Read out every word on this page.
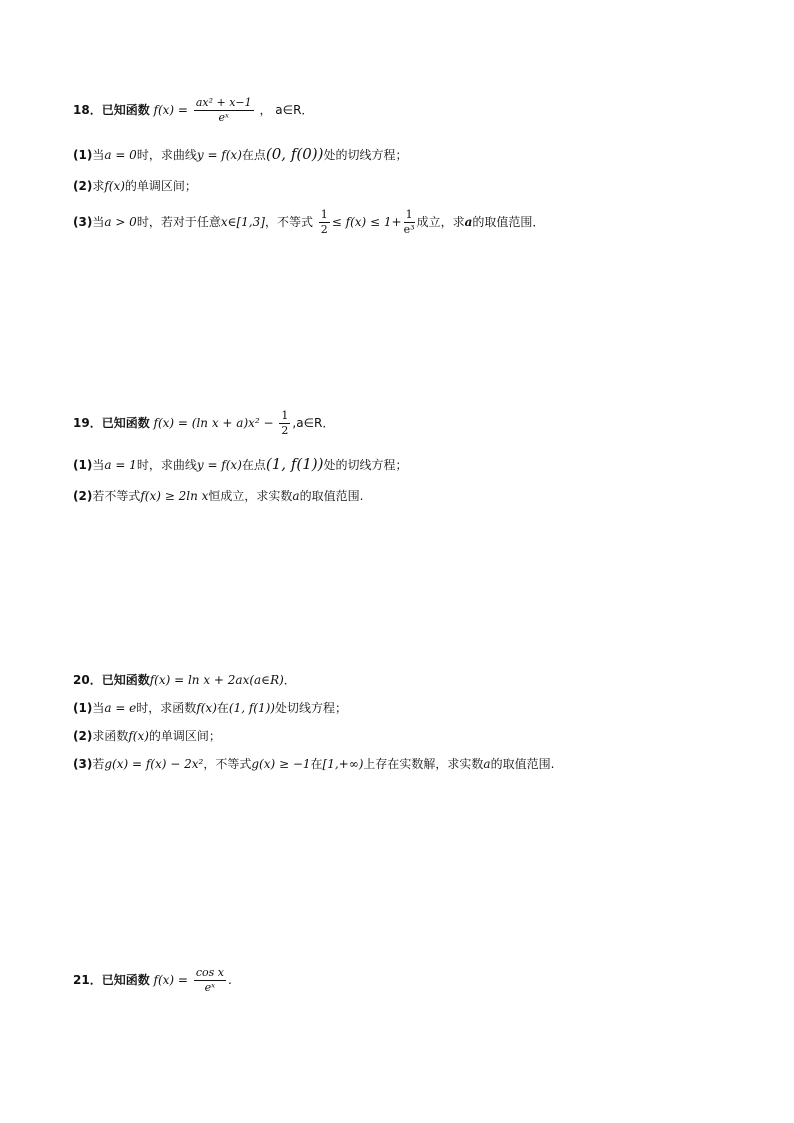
18．已知函数 $f(x) = \frac{\text{ax² + x−1}}{\text{eˣ}}$ ， a∈R．
(1)当a = 0时，求曲线y = f(x)在点(0, f(0))处的切线方程；
(2)求f(x)的单调区间；
(3)当a > 0时，若对于任意x∈[1,3]，不等式 $\frac{1}{2} \le f(x) \le 1+ \frac{1}{\text{e³}}$ 成立，求a的取值范围．
19．已知函数 f(x) = (ln $x + a)x^2 - \frac{1}{2}$ ,a∈R．
(1)当a = 1时，求曲线y = f(x)在点(1, f(1))处的切线方程；
(2)若不等式f(x) ≥ 2ln x恒成立，求实数a的取值范围.
20．已知函数f(x) = ln x + 2ax(a∈R)．
(1)当a = e时，求函数f(x)在(1, f(1))处切线方程；
(2)求函数f(x)的单调区间；
(3)若g(x) = f(x) − 2x²，不等式g(x) ≥ −1在[1,+∞)上存在实数解，求实数a的取值范围.
21．已知函数 $f(x) = \frac{\text{cos x}}{\text{eˣ}}$ .
